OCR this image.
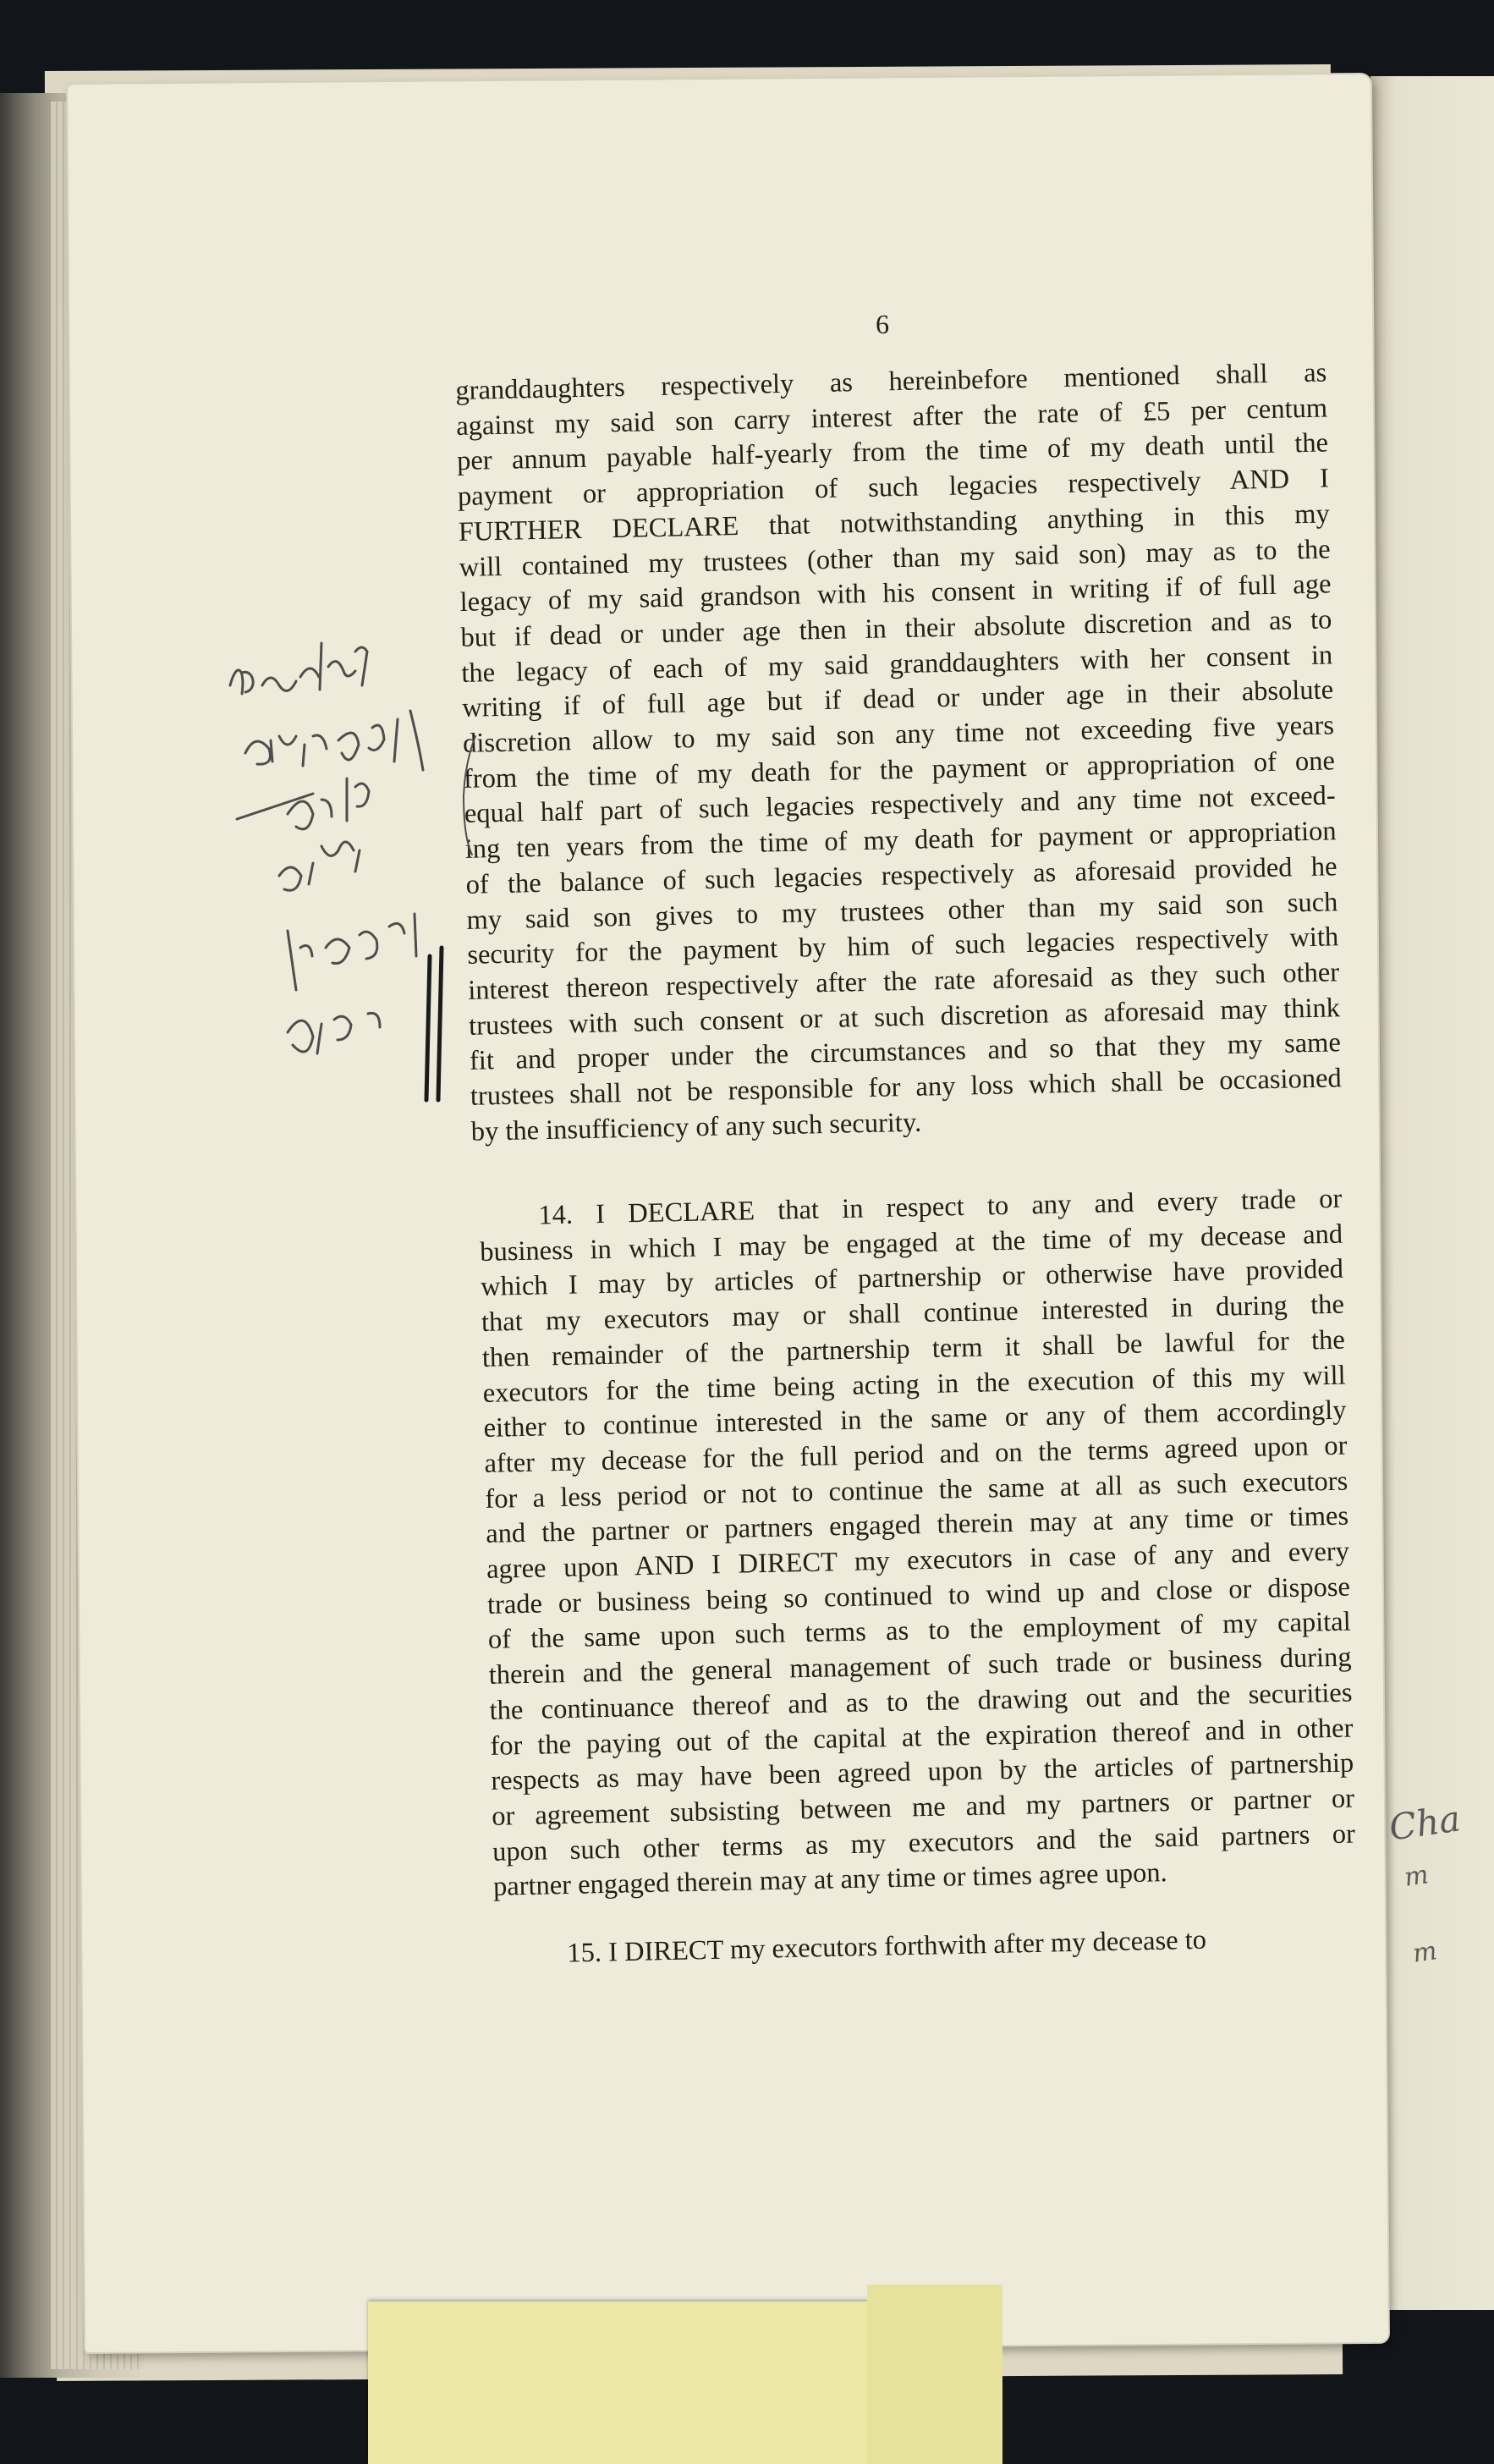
Cha
m
m
6
granddaughters respectively as hereinbefore mentioned shall as
against my said son carry interest after the rate of £5 per centum
per annum payable half-yearly from the time of my death until the
payment or appropriation of such legacies respectively AND I
FURTHER DECLARE that notwithstanding anything in this my
will contained my trustees (other than my said son) may as to the
legacy of my said grandson with his consent in writing if of full age
but if dead or under age then in their absolute discretion and as to
the legacy of each of my said granddaughters with her consent in
writing if of full age but if dead or under age in their absolute
discretion allow to my said son any time not exceeding five years
from the time of my death for the payment or appropriation of one
equal half part of such legacies respectively and any time not exceed-
ing ten years from the time of my death for payment or appropriation
of the balance of such legacies respectively as aforesaid provided he
my said son gives to my trustees other than my said son such
security for the payment by him of such legacies respectively with
interest thereon respectively after the rate aforesaid as they such other
trustees with such consent or at such discretion as aforesaid may think
fit and proper under the circumstances and so that they my same
trustees shall not be responsible for any loss which shall be occasioned
by the insufficiency of any such security.
14. I DECLARE that in respect to any and every trade or
business in which I may be engaged at the time of my decease and
which I may by articles of partnership or otherwise have provided
that my executors may or shall continue interested in during the
then remainder of the partnership term it shall be lawful for the
executors for the time being acting in the execution of this my will
either to continue interested in the same or any of them accordingly
after my decease for the full period and on the terms agreed upon or
for a less period or not to continue the same at all as such executors
and the partner or partners engaged therein may at any time or times
agree upon AND I DIRECT my executors in case of any and every
trade or business being so continued to wind up and close or dispose
of the same upon such terms as to the employment of my capital
therein and the general management of such trade or business during
the continuance thereof and as to the drawing out and the securities
for the paying out of the capital at the expiration thereof and in other
respects as may have been agreed upon by the articles of partnership
or agreement subsisting between me and my partners or partner or
upon such other terms as my executors and the said partners or
partner engaged therein may at any time or times agree upon.
15. I DIRECT my executors forthwith after my decease to
